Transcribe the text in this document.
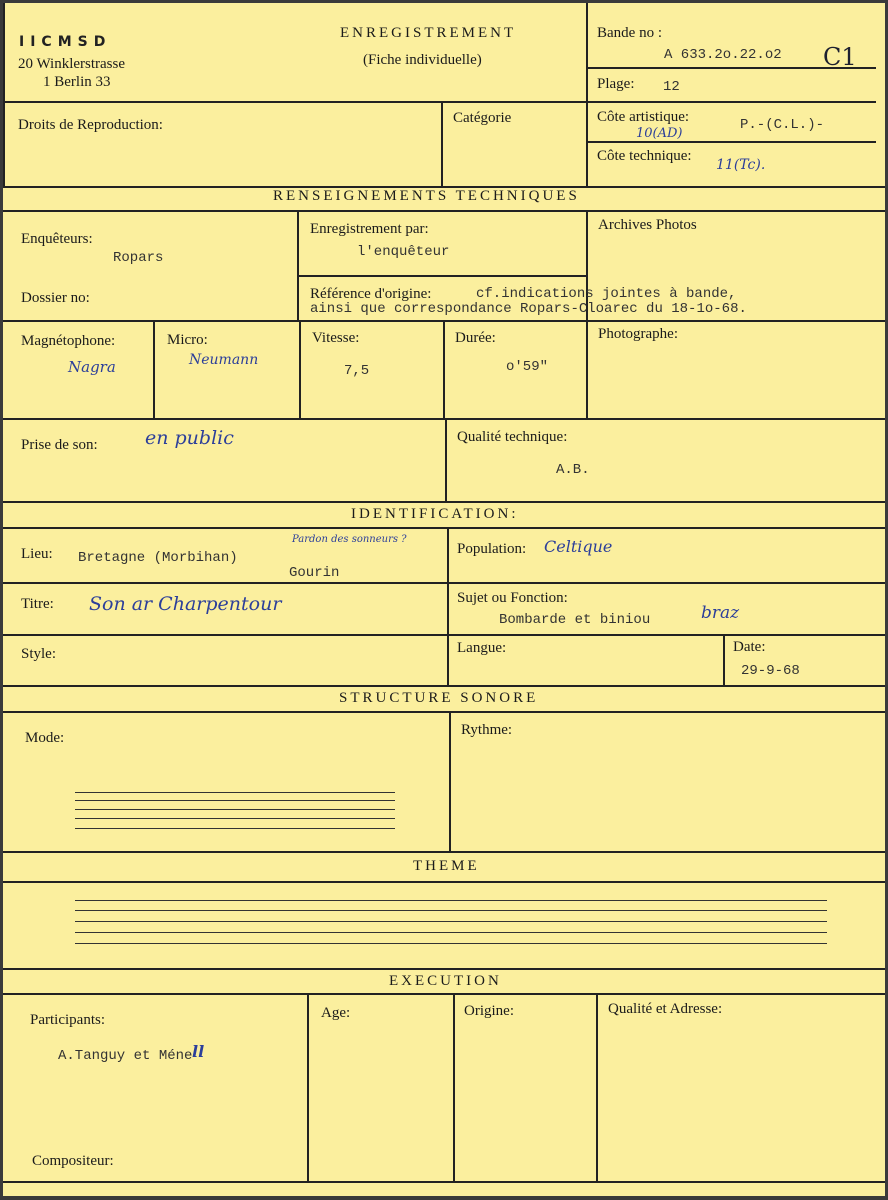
IICMSD
20 Winklerstrasse
1 Berlin 33
ENREGISTREMENT
(Fiche individuelle)
Bande no :
A 633.2o.22.o2 C1
Plage: 12
Droits de Reproduction:	Catégorie	Côte artistique:	P.-(C.L.)-
10(AD)
Côte technique:
11(Tc).
RENSEIGNEMENTS TECHNIQUES
Enquêteurs:
Ropars
Enregistrement par:
l'enquêteur
Archives Photos
Dossier no:	Référence d'origine:	cf.indications jointes à bande,
ainsi que correspondance Ropars-Cloarec du 18-1o-68.
Magnétophone:
Nagra
Micro:
Neumann
Vitesse:
7,5
Durée:
o'59"
Photographe:
Prise de son: en public	Qualité technique:
A.B.
IDENTIFICATION:
Lieu: Bretagne (Morbihan)
Pardon des sonneurs ?
Gourin
Population: Celtique
Titre: Son ar Charpentour	Sujet ou Fonction:
Bombarde et biniou	braz
Style:	Langue:	Date:
29-9-68
STRUCTURE SONORE
Mode:	Rythme:
THEME
EXECUTION
Participants:
A.Tanguy et Méne ll
Age:	Origine:	Qualité et Adresse:
Compositeur:
